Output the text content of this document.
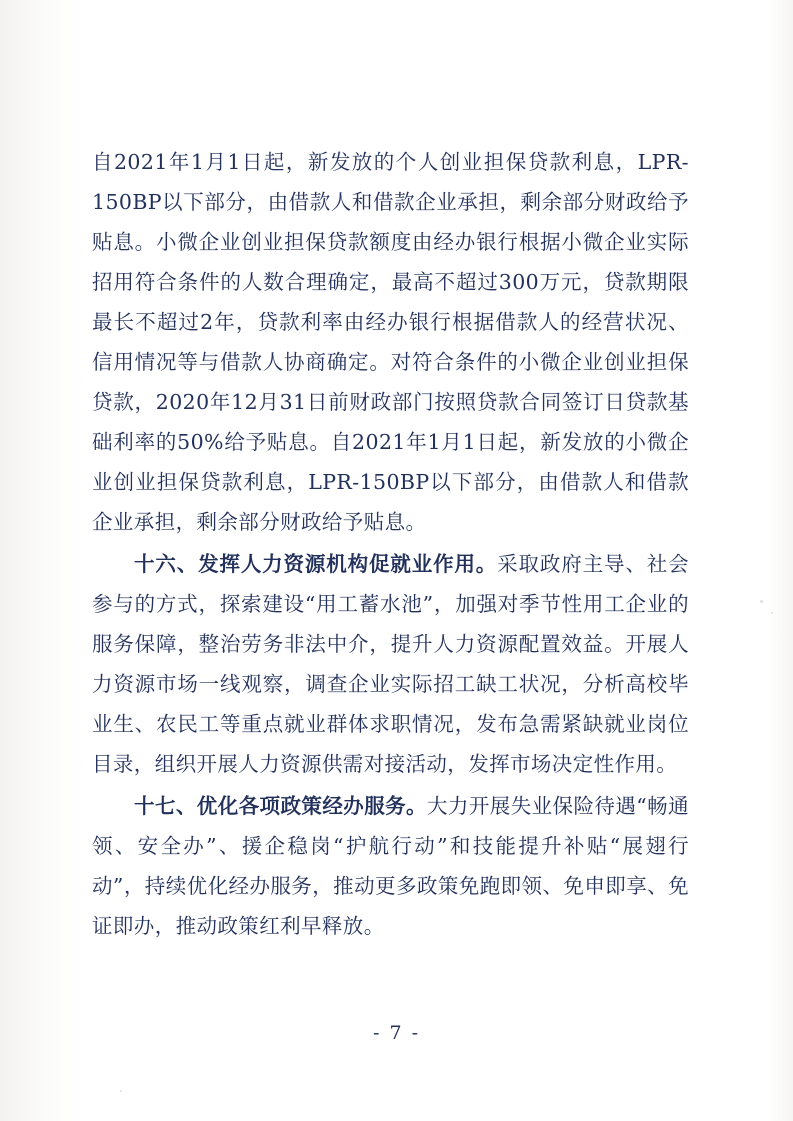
自2021年1月1日起，新发放的个人创业担保贷款利息，LPR-150BP以下部分，由借款人和借款企业承担，剩余部分财政给予贴息。小微企业创业担保贷款额度由经办银行根据小微企业实际招用符合条件的人数合理确定，最高不超过300万元，贷款期限最长不超过2年，贷款利率由经办银行根据借款人的经营状况、信用情况等与借款人协商确定。对符合条件的小微企业创业担保贷款，2020年12月31日前财政部门按照贷款合同签订日贷款基础利率的50%给予贴息。自2021年1月1日起，新发放的小微企业创业担保贷款利息，LPR-150BP以下部分，由借款人和借款企业承担，剩余部分财政给予贴息。

十六、发挥人力资源机构促就业作用。采取政府主导、社会参与的方式，探索建设“用工蓄水池”，加强对季节性用工企业的服务保障，整治劳务非法中介，提升人力资源配置效益。开展人力资源市场一线观察，调查企业实际招工缺工状况，分析高校毕业生、农民工等重点就业群体求职情况，发布急需紧缺就业岗位目录，组织开展人力资源供需对接活动，发挥市场决定性作用。

十七、优化各项政策经办服务。大力开展失业保险待遇“畅通领、安全办”、援企稳岗“护航行动”和技能提升补贴“展翅行动”，持续优化经办服务，推动更多政策免跑即领、免申即享、免证即办，推动政策红利早释放。

- 7 -
